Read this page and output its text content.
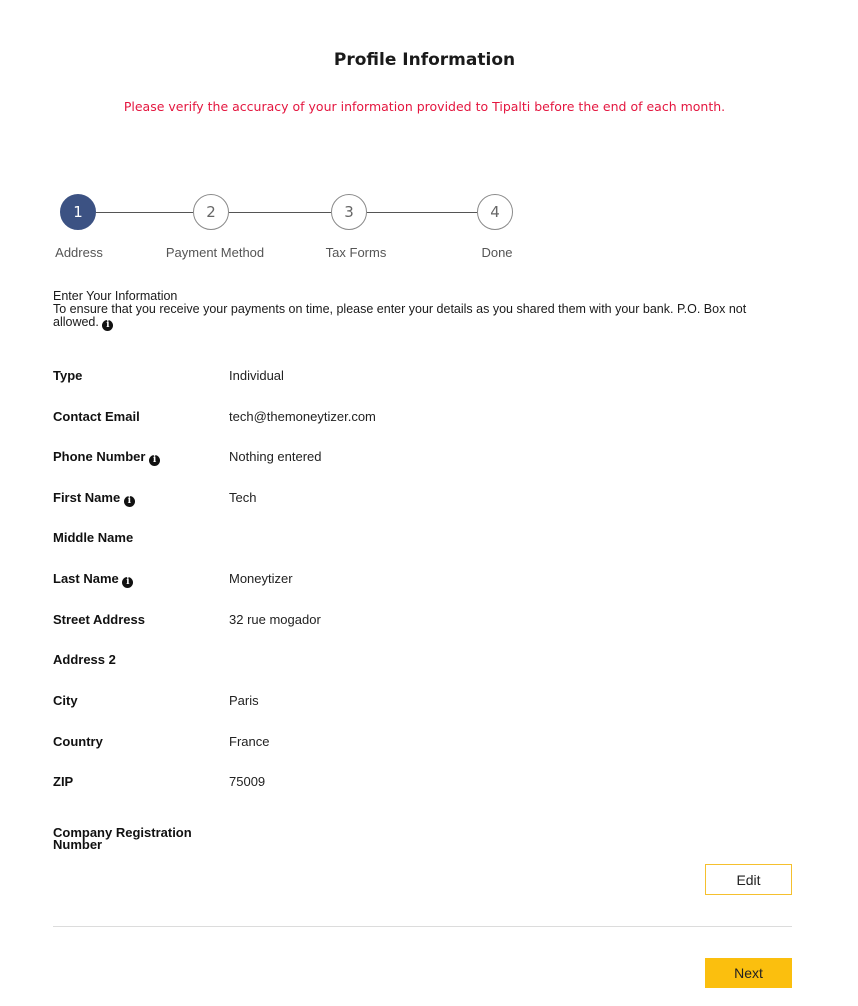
Profile Information
Please verify the accuracy of your information provided to Tipalti before the end of each month.
1	2	3	4
Address	Payment Method	Tax Forms	Done
Enter Your Information
To ensure that you receive your payments on time, please enter your details as you shared them with your bank. P.O. Box not allowed. i
Type	Individual
Contact Email	tech@themoneytizer.com
Phone Number i	Nothing entered
First Name i	Tech
Middle Name
Last Name i	Moneytizer
Street Address	32 rue mogador
Address 2
City	Paris
Country	France
ZIP	75009
Company Registration Number
Edit
Next
